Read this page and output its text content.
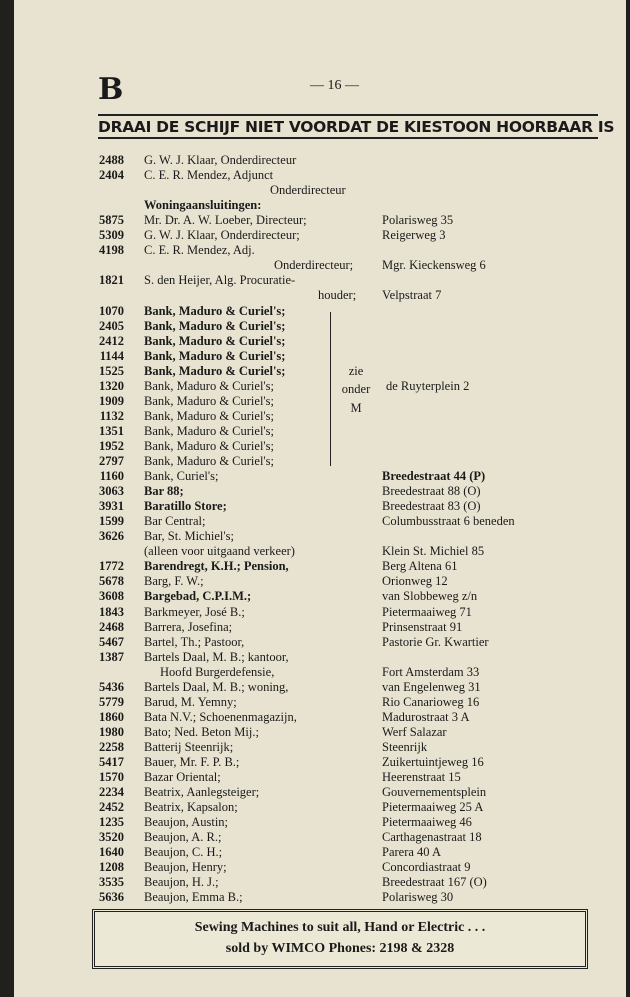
B	— 16 —
DRAAI DE SCHIJF NIET VOORDAT DE KIESTOON HOORBAAR IS
2488 G. W. J. Klaar, Onderdirecteur
2404 C. E. R. Mendez, Adjunct
Onderdirecteur
Woningaansluitingen:
5875 Mr. Dr. A. W. Loeber, Directeur;	Polarisweg 35
5309 G. W. J. Klaar, Onderdirecteur;	Reigerweg 3
4198 C. E. R. Mendez, Adj.
Onderdirecteur; Mgr. Kieckensweg 6
1821 S. den Heijer, Alg. Procuratie-
houder; Velpstraat 7
1070 Bank, Maduro & Curiel's;
2405 Bank, Maduro & Curiel's;
2412 Bank, Maduro & Curiel's;
1144 Bank, Maduro & Curiel's;
1525 Bank, Maduro & Curiel's;
1320 Bank, Maduro & Curiel's;	de Ruyterplein 2
1909 Bank, Maduro & Curiel's;
1132 Bank, Maduro & Curiel's;
1351 Bank, Maduro & Curiel's;
1952 Bank, Maduro & Curiel's;
2797 Bank, Maduro & Curiel's;
1160 Bank, Curiel's;	Breedestraat 44 (P)
3063 Bar 88;	Breedestraat 88 (O)
3931 Baratillo Store;	Breedestraat 83 (O)
1599 Bar Central;	Columbusstraat 6 beneden
3626 Bar, St. Michiel's;
(alleen voor uitgaand verkeer)	Klein St. Michiel 85
1772 Barendregt, K.H.; Pension,	Berg Altena 61
5678 Barg, F. W.;	Orionweg 12
3608 Bargebad, C.P.I.M.;	van Slobbeweg z/n
1843 Barkmeyer, José B.;	Pietermaaiweg 71
2468 Barrera, Josefina;	Prinsenstraat 91
5467 Bartel, Th.; Pastoor,	Pastorie Gr. Kwartier
1387 Bartels Daal, M. B.; kantoor,
Hoofd Burgerdefensie,	Fort Amsterdam 33
5436 Bartels Daal, M. B.; woning,	van Engelenweg 31
5779 Barud, M. Yemny;	Rio Canarioweg 16
1860 Bata N.V.; Schoenenmagazijn,	Madurostraat 3 A
1980 Bato; Ned. Beton Mij.;	Werf Salazar
2258 Batterij Steenrijk;	Steenrijk
5417 Bauer, Mr. F. P. B.;	Zuikertuintjeweg 16
1570 Bazar Oriental;	Heerenstraat 15
2234 Beatrix, Aanlegsteiger;	Gouvernementsplein
2452 Beatrix, Kapsalon;	Pietermaaiweg 25 A
1235 Beaujon, Austin;	Pietermaaiweg 46
3520 Beaujon, A. R.;	Carthagenastraat 18
1640 Beaujon, C. H.;	Parera 40 A
1208 Beaujon, Henry;	Concordiastraat 9
3535 Beaujon, H. J.;	Breedestraat 167 (O)
5636 Beaujon, Emma B.;	Polarisweg 30
zie
onder
M
Sewing Machines to suit all, Hand or Electric . . .
sold by WIMCO Phones: 2198 & 2328
